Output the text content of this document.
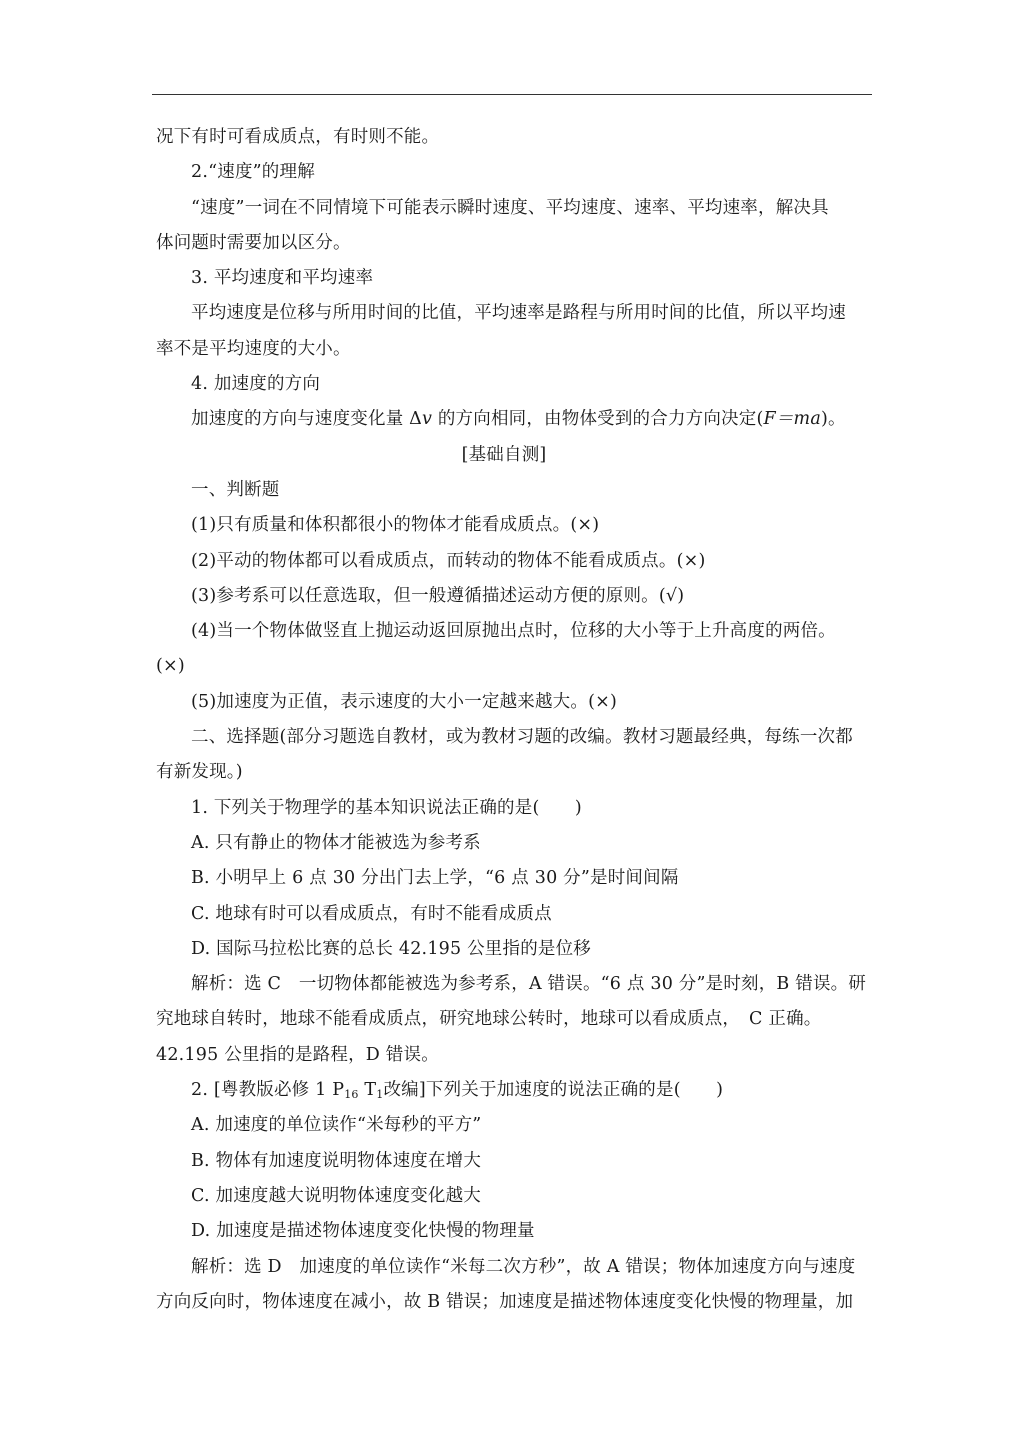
况下有时可看成质点，有时则不能。
2.“速度”的理解
“速度”一词在不同情境下可能表示瞬时速度、平均速度、速率、平均速率，解决具
体问题时需要加以区分。
3. 平均速度和平均速率
平均速度是位移与所用时间的比值，平均速率是路程与所用时间的比值，所以平均速
率不是平均速度的大小。
4. 加速度的方向
加速度的方向与速度变化量 Δv 的方向相同，由物体受到的合力方向决定(F＝ma)。
[基础自测]
一、判断题
(1)只有质量和体积都很小的物体才能看成质点。(×)
(2)平动的物体都可以看成质点，而转动的物体不能看成质点。(×)
(3)参考系可以任意选取，但一般遵循描述运动方便的原则。(√)
(4)当一个物体做竖直上抛运动返回原抛出点时，位移的大小等于上升高度的两倍。
(×)
(5)加速度为正值，表示速度的大小一定越来越大。(×)
二、选择题(部分习题选自教材，或为教材习题的改编。教材习题最经典，每练一次都
有新发现。)
1. 下列关于物理学的基本知识说法正确的是(　　)
A. 只有静止的物体才能被选为参考系
B. 小明早上 6 点 30 分出门去上学，“6 点 30 分”是时间间隔
C. 地球有时可以看成质点，有时不能看成质点
D. 国际马拉松比赛的总长 42.195 公里指的是位移
解析：选 C　一切物体都能被选为参考系，A 错误。“6 点 30 分”是时刻，B 错误。研
究地球自转时，地球不能看成质点，研究地球公转时，地球可以看成质点，　C 正确。
42.195 公里指的是路程，D 错误。
2. [粤教版必修 1 $P_{16}$ $T_1$改编]下列关于加速度的说法正确的是(　　)
A. 加速度的单位读作“米每秒的平方”
B. 物体有加速度说明物体速度在增大
C. 加速度越大说明物体速度变化越大
D. 加速度是描述物体速度变化快慢的物理量
解析：选 D　加速度的单位读作“米每二次方秒”，故 A 错误；物体加速度方向与速度
方向反向时，物体速度在减小，故 B 错误；加速度是描述物体速度变化快慢的物理量，加
